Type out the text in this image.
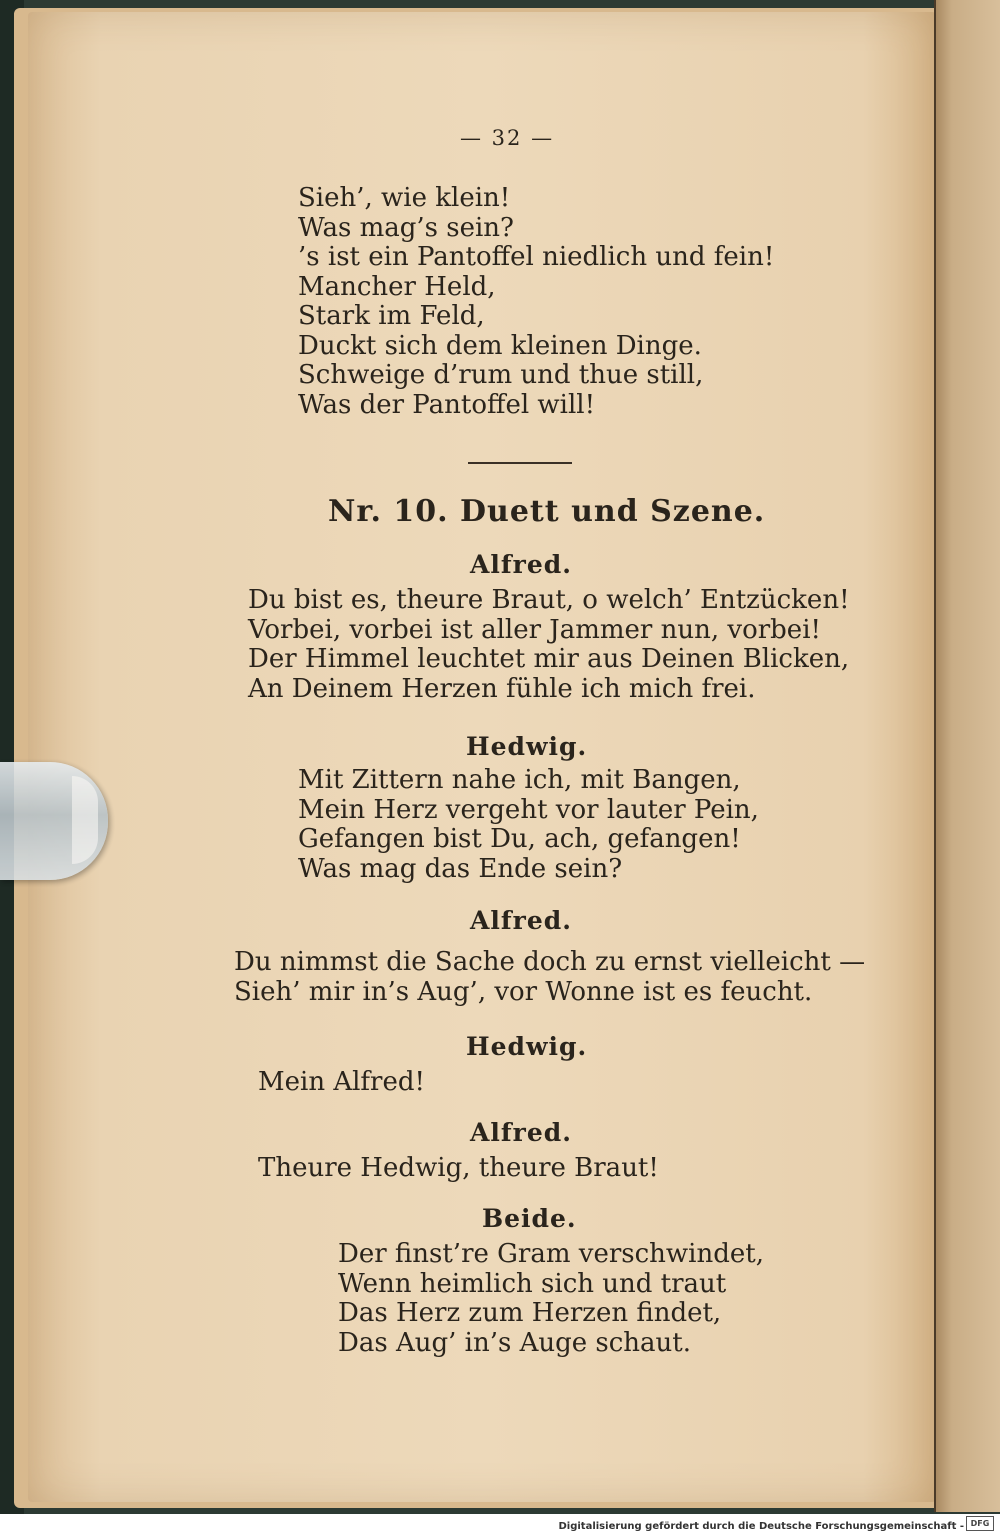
— 32 —
Sieh’, wie klein!
Was mag’s sein?
’s ist ein Pantoffel niedlich und fein!
Mancher Held,
Stark im Feld,
Duckt sich dem kleinen Dinge.
Schweige d’rum und thue still,
Was der Pantoffel will!
Nr. 10. Duett und Szene.
Alfred.
Du bist es, theure Braut, o welch’ Entzücken!
Vorbei, vorbei ist aller Jammer nun, vorbei!
Der Himmel leuchtet mir aus Deinen Blicken,
An Deinem Herzen fühle ich mich frei.
Hedwig.
Mit Zittern nahe ich, mit Bangen,
Mein Herz vergeht vor lauter Pein,
Gefangen bist Du, ach, gefangen!
Was mag das Ende sein?
Alfred.
Du nimmst die Sache doch zu ernst vielleicht —
Sieh’ mir in’s Aug’, vor Wonne ist es feucht.
Hedwig.
Mein Alfred!
Alfred.
Theure Hedwig, theure Braut!
Beide.
Der finst’re Gram verschwindet,
Wenn heimlich sich und traut
Das Herz zum Herzen findet,
Das Aug’ in’s Auge schaut.
Digitalisierung gefördert durch die Deutsche Forschungsgemeinschaft - DFG
